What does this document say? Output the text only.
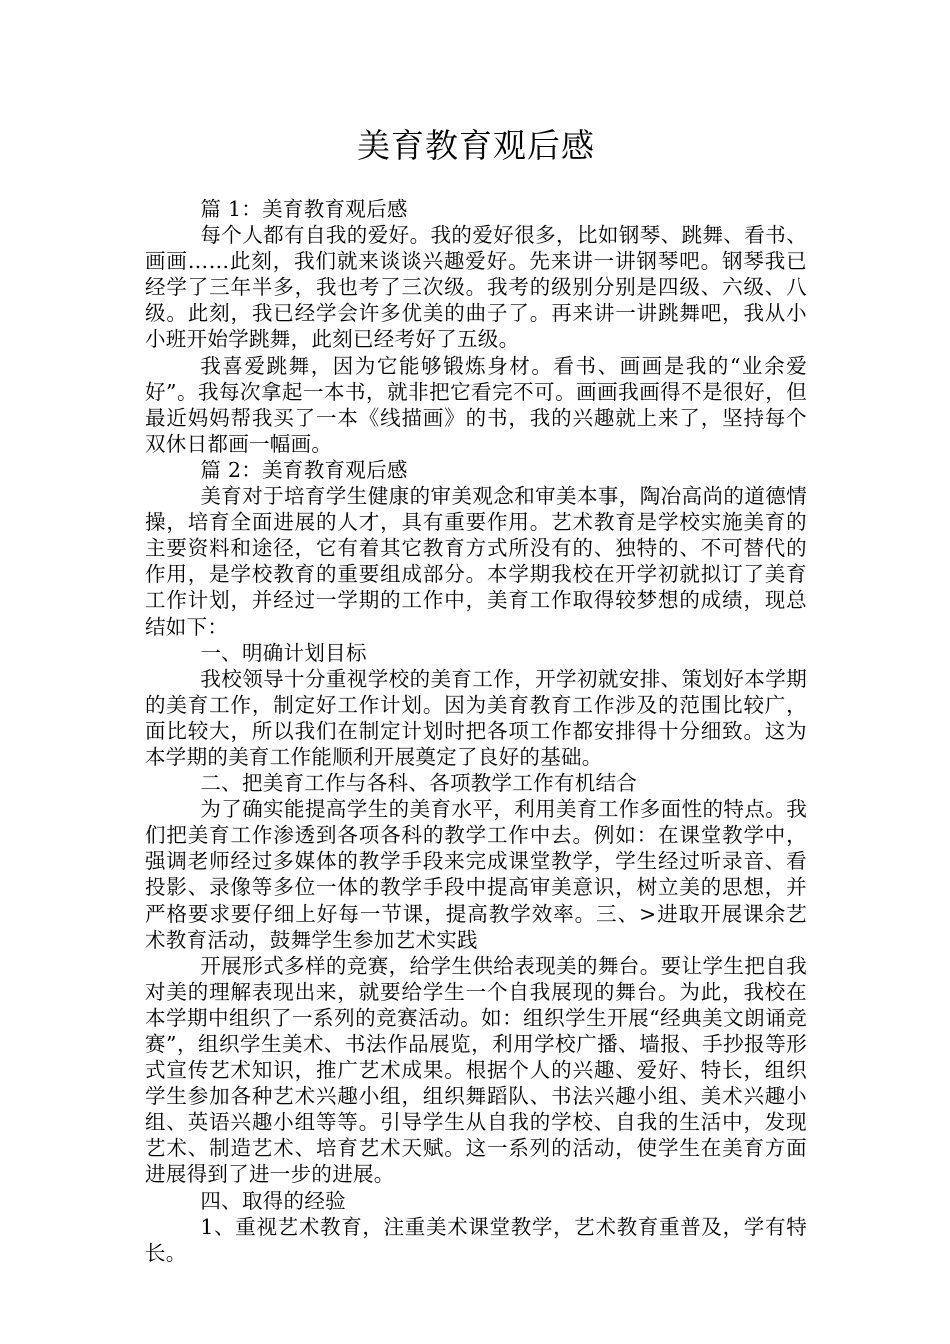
美育教育观后感

篇 1：美育教育观后感

每个人都有自我的爱好。我的爱好很多，比如钢琴、跳舞、看书、画画……此刻，我们就来谈谈兴趣爱好。先来讲一讲钢琴吧。钢琴我已经学了三年半多，我也考了三次级。我考的级别分别是四级、六级、八级。此刻，我已经学会许多优美的曲子了。再来讲一讲跳舞吧，我从小小班开始学跳舞，此刻已经考好了五级。

我喜爱跳舞，因为它能够锻炼身材。看书、画画是我的“业余爱好”。我每次拿起一本书，就非把它看完不可。画画我画得不是很好，但最近妈妈帮我买了一本《线描画》的书，我的兴趣就上来了，坚持每个双休日都画一幅画。

篇 2：美育教育观后感

美育对于培育学生健康的审美观念和审美本事，陶冶高尚的道德情操，培育全面进展的人才，具有重要作用。艺术教育是学校实施美育的主要资料和途径，它有着其它教育方式所没有的、独特的、不可替代的作用，是学校教育的重要组成部分。本学期我校在开学初就拟订了美育工作计划，并经过一学期的工作中，美育工作取得较梦想的成绩，现总结如下：

一、明确计划目标

我校领导十分重视学校的美育工作，开学初就安排、策划好本学期的美育工作，制定好工作计划。因为美育教育工作涉及的范围比较广，面比较大，所以我们在制定计划时把各项工作都安排得十分细致。这为本学期的美育工作能顺利开展奠定了良好的基础。

二、把美育工作与各科、各项教学工作有机结合

为了确实能提高学生的美育水平，利用美育工作多面性的特点。我们把美育工作渗透到各项各科的教学工作中去。例如：在课堂教学中，强调老师经过多媒体的教学手段来完成课堂教学，学生经过听录音、看投影、录像等多位一体的教学手段中提高审美意识，树立美的思想，并严格要求要仔细上好每一节课，提高教学效率。三、>进取开展课余艺术教育活动，鼓舞学生参加艺术实践

开展形式多样的竞赛，给学生供给表现美的舞台。要让学生把自我对美的理解表现出来，就要给学生一个自我展现的舞台。为此，我校在本学期中组织了一系列的竞赛活动。如：组织学生开展“经典美文朗诵竞赛”，组织学生美术、书法作品展览，利用学校广播、墙报、手抄报等形式宣传艺术知识，推广艺术成果。根据个人的兴趣、爱好、特长，组织学生参加各种艺术兴趣小组，组织舞蹈队、书法兴趣小组、美术兴趣小组、英语兴趣小组等等。引导学生从自我的学校、自我的生活中，发现艺术、制造艺术、培育艺术天赋。这一系列的活动，使学生在美育方面进展得到了进一步的进展。

四、取得的经验

1、重视艺术教育，注重美术课堂教学，艺术教育重普及，学有特长。
